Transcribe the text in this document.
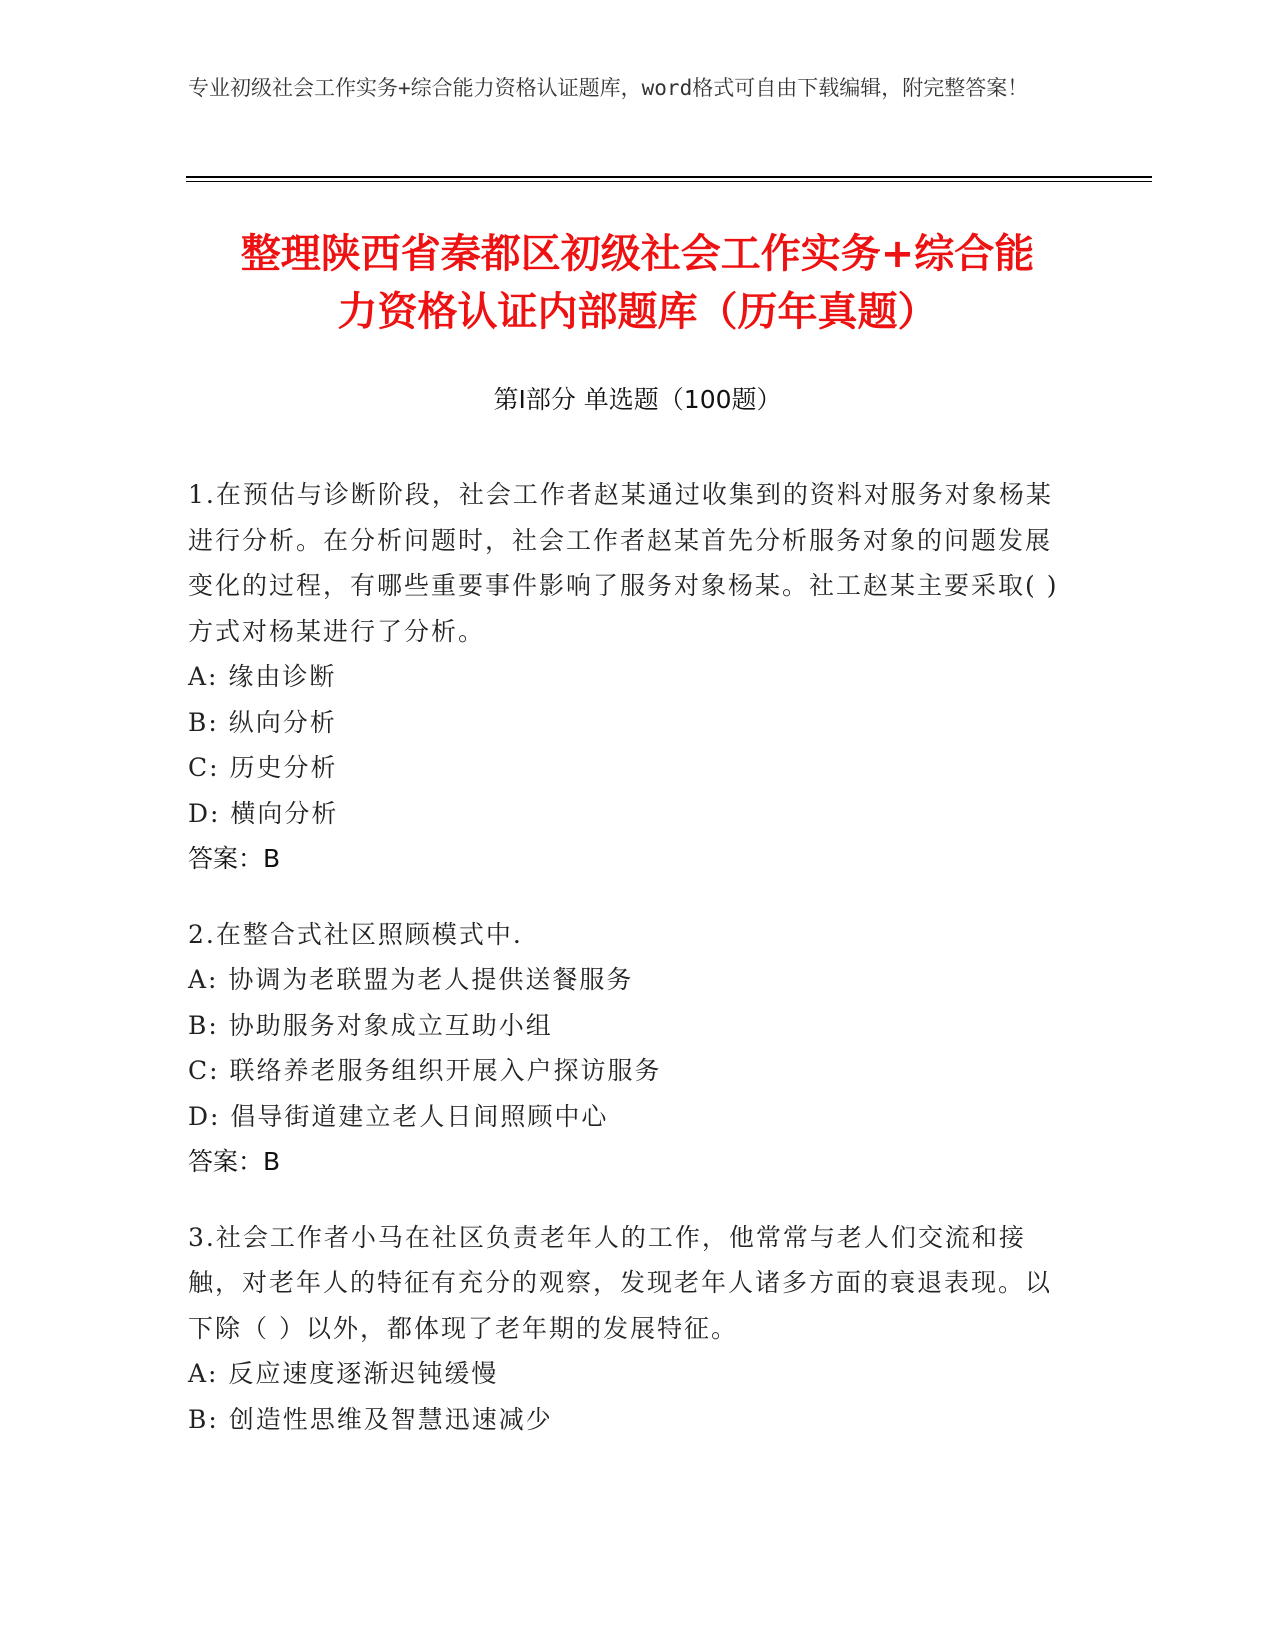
专业初级社会工作实务+综合能力资格认证题库，word格式可自由下载编辑，附完整答案！
整理陕西省秦都区初级社会工作实务+综合能
力资格认证内部题库（历年真题）
第Ⅰ部分 单选题（100题）
1.在预估与诊断阶段，社会工作者赵某通过收集到的资料对服务对象杨某进行分析。在分析问题时，社会工作者赵某首先分析服务对象的问题发展变化的过程，有哪些重要事件影响了服务对象杨某。社工赵某主要采取( )方式对杨某进行了分析。
A: 缘由诊断
B: 纵向分析
C: 历史分析
D: 横向分析
答案：B
2.在整合式社区照顾模式中.
A: 协调为老联盟为老人提供送餐服务
B: 协助服务对象成立互助小组
C: 联络养老服务组织开展入户探访服务
D: 倡导街道建立老人日间照顾中心
答案：B
3.社会工作者小马在社区负责老年人的工作，他常常与老人们交流和接触，对老年人的特征有充分的观察，发现老年人诸多方面的衰退表现。以下除（ ）以外，都体现了老年期的发展特征。
A: 反应速度逐渐迟钝缓慢
B: 创造性思维及智慧迅速减少
